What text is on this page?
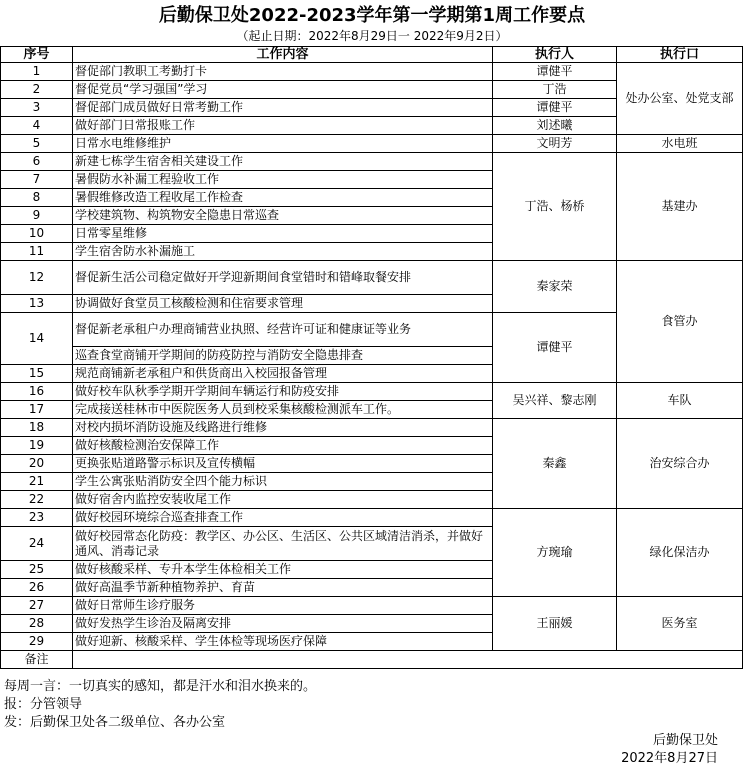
后勤保卫处2022-2023学年第一学期第1周工作要点
（起止日期：2022年8月29日一 2022年9月2日）
序号	工作内容	执行人	执行口
1	督促部门教职工考勤打卡	谭健平	处办公室、处党支部
2	督促党员“学习强国”学习	丁浩	
3	督促部门成员做好日常考勤工作	谭健平	
4	做好部门日常报账工作	刘述曦	
5	日常水电维修维护	文明芳	水电班
6	新建七栋学生宿舍相关建设工作	丁浩、杨桥	基建办
7	暑假防水补漏工程验收工作		
8	暑假维修改造工程收尾工作检查		
9	学校建筑物、构筑物安全隐患日常巡查		
10	日常零星维修		
11	学生宿舍防水补漏施工		
12	督促新生活公司稳定做好开学迎新期间食堂错时和错峰取餐安排	秦家荣	食管办
13	协调做好食堂员工核酸检测和住宿要求管理		
14	督促新老承租户办理商铺营业执照、经营许可证和健康证等业务	谭健平	
	巡查食堂商铺开学期间的防疫防控与消防安全隐患排查		
15	规范商铺新老承租户和供货商出入校园报备管理		
16	做好校车队秋季学期开学期间车辆运行和防疫安排	吴兴祥、黎志刚	车队
17	完成接送桂林市中医院医务人员到校采集核酸检测派车工作。		
18	对校内损坏消防设施及线路进行维修	秦鑫	治安综合办
19	做好核酸检测治安保障工作		
20	更换张贴道路警示标识及宣传横幅		
21	学生公寓张贴消防安全四个能力标识		
22	做好宿舍内监控安装收尾工作		
23	做好校园环境综合巡查排查工作	方琬瑜	绿化保洁办
24	做好校园常态化防疫：教学区、办公区、生活区、公共区域清洁消杀，并做好通风、消毒记录		
25	做好核酸采样、专升本学生体检相关工作		
26	做好高温季节新种植物养护、育苗		
27	做好日常师生诊疗服务	王丽媛	医务室
28	做好发热学生诊治及隔离安排		
29	做好迎新、核酸采样、学生体检等现场医疗保障		
备注			
每周一言：一切真实的感知，都是汗水和泪水换来的。
报：分管领导
发：后勤保卫处各二级单位、各办公室
后勤保卫处
2022年8月27日
